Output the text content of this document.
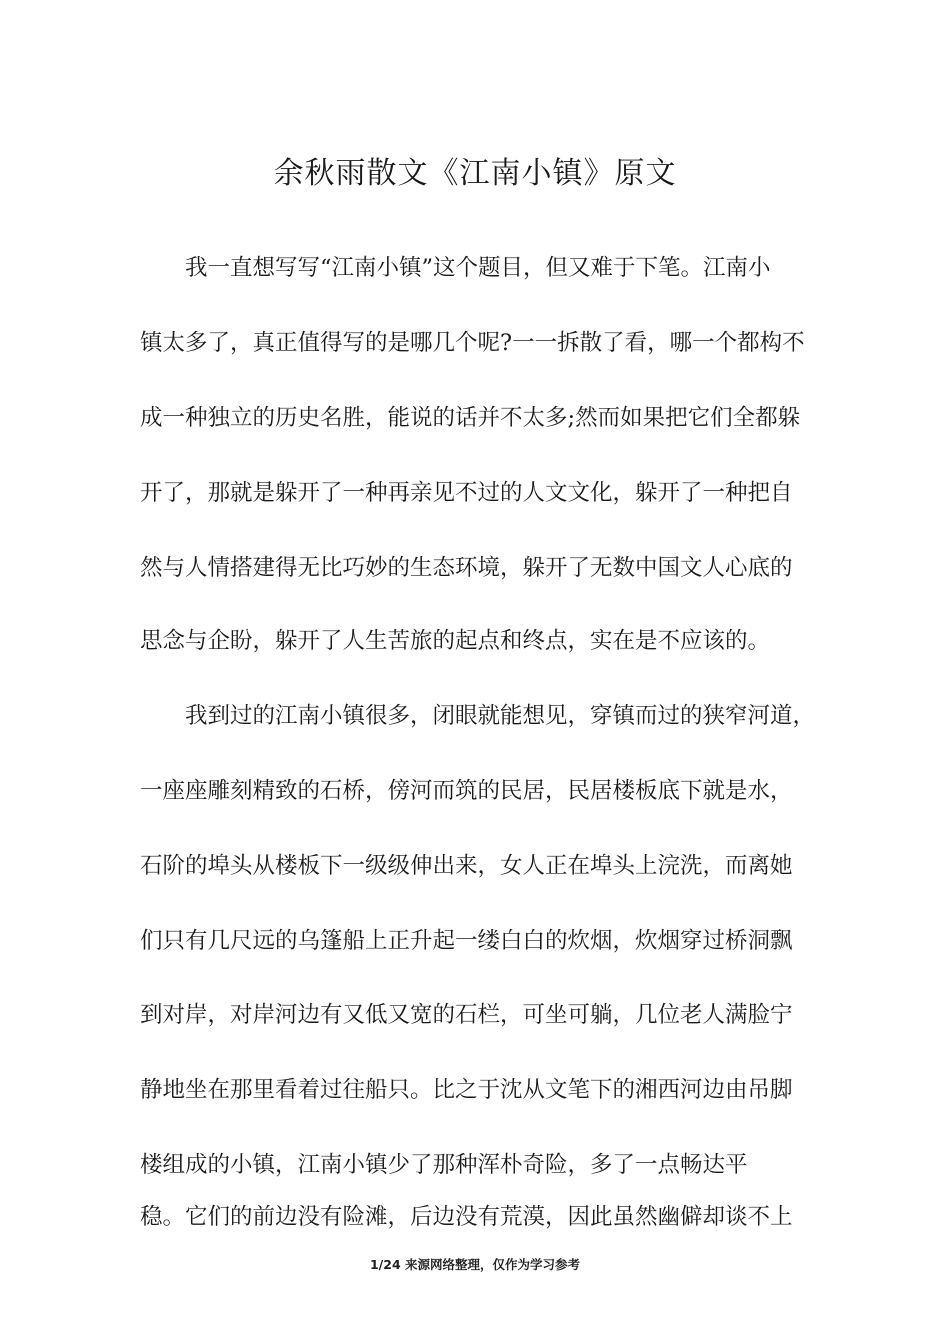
余秋雨散文《江南小镇》原文

我一直想写写“江南小镇”这个题目，但又难于下笔。江南小

镇太多了，真正值得写的是哪几个呢?一一拆散了看，哪一个都构不

成一种独立的历史名胜，能说的话并不太多;然而如果把它们全都躲

开了，那就是躲开了一种再亲见不过的人文文化，躲开了一种把自

然与人情搭建得无比巧妙的生态环境，躲开了无数中国文人心底的

思念与企盼，躲开了人生苦旅的起点和终点，实在是不应该的。

我到过的江南小镇很多，闭眼就能想见，穿镇而过的狭窄河道，

一座座雕刻精致的石桥，傍河而筑的民居，民居楼板底下就是水，

石阶的埠头从楼板下一级级伸出来，女人正在埠头上浣洗，而离她

们只有几尺远的乌篷船上正升起一缕白白的炊烟，炊烟穿过桥洞飘

到对岸，对岸河边有又低又宽的石栏，可坐可躺，几位老人满脸宁

静地坐在那里看着过往船只。比之于沈从文笔下的湘西河边由吊脚

楼组成的小镇，江南小镇少了那种浑朴奇险，多了一点畅达平

稳。它们的前边没有险滩，后边没有荒漠，因此虽然幽僻却谈不上

1/24 来源网络整理，仅作为学习参考
